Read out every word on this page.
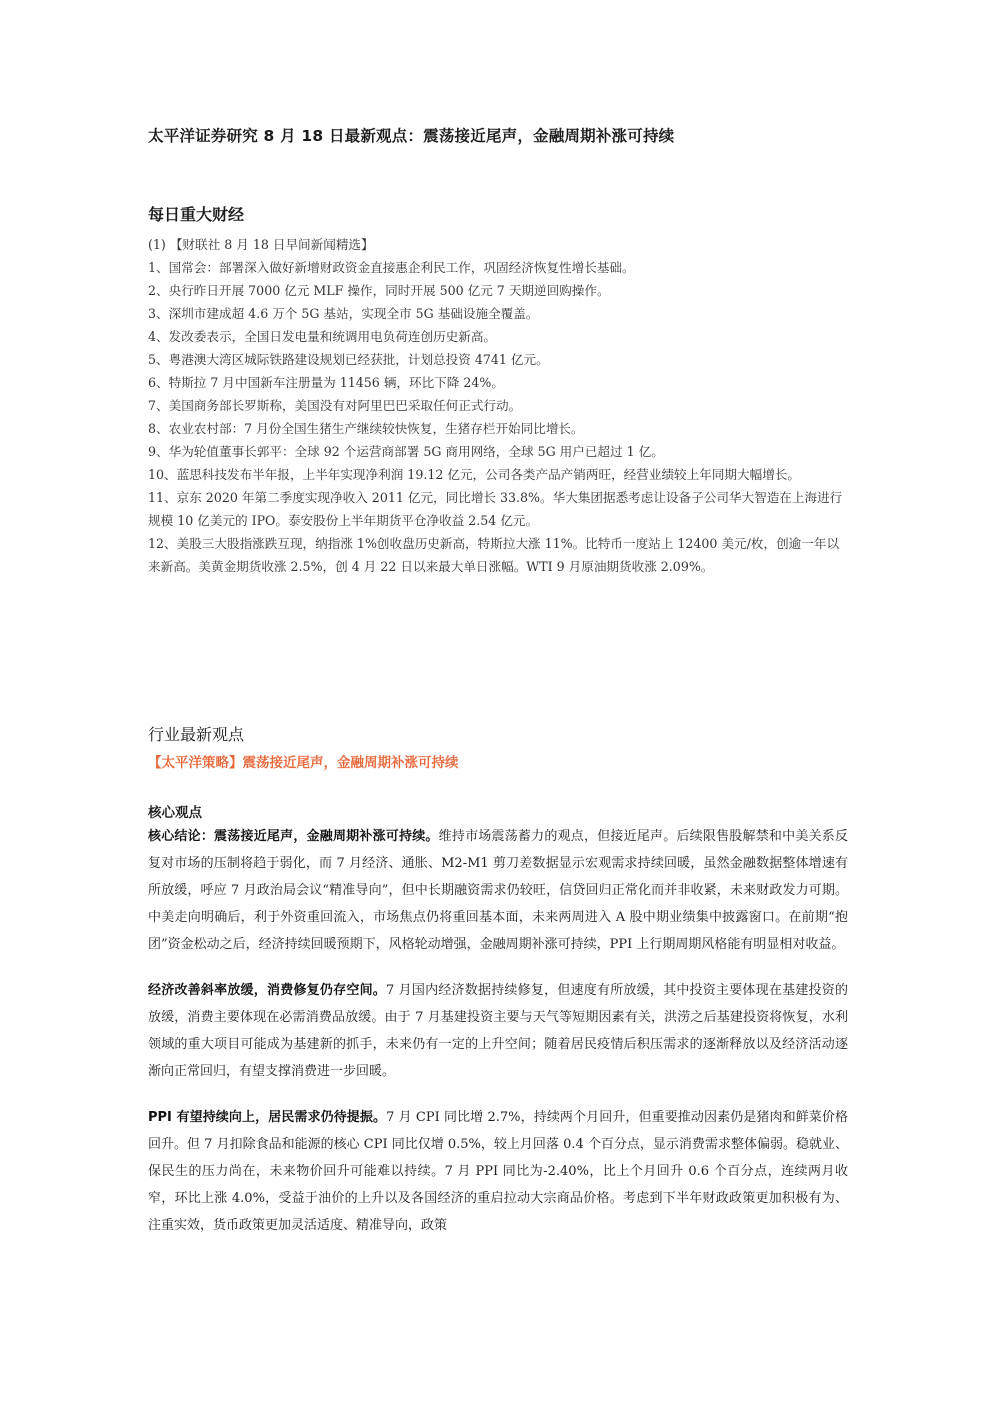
太平洋证券研究 8 月 18 日最新观点：震荡接近尾声，金融周期补涨可持续
每日重大财经
(1) 【财联社 8 月 18 日早间新闻精选】
1、国常会：部署深入做好新增财政资金直接惠企利民工作，巩固经济恢复性增长基础。
2、央行昨日开展 7000 亿元 MLF 操作，同时开展 500 亿元 7 天期逆回购操作。
3、深圳市建成超 4.6 万个 5G 基站，实现全市 5G 基础设施全覆盖。
4、发改委表示，全国日发电量和统调用电负荷连创历史新高。
5、粤港澳大湾区城际铁路建设规划已经获批，计划总投资 4741 亿元。
6、特斯拉 7 月中国新车注册量为 11456 辆，环比下降 24%。
7、美国商务部长罗斯称，美国没有对阿里巴巴采取任何正式行动。
8、农业农村部：7 月份全国生猪生产继续较快恢复，生猪存栏开始同比增长。
9、华为轮值董事长郭平：全球 92 个运营商部署 5G 商用网络，全球 5G 用户已超过 1 亿。
10、蓝思科技发布半年报，上半年实现净利润 19.12 亿元，公司各类产品产销两旺，经营业绩较上年同期大幅增长。
11、京东 2020 年第二季度实现净收入 2011 亿元，同比增长 33.8%。华大集团据悉考虑让设备子公司华大智造在上海进行规模 10 亿美元的 IPO。泰安股份上半年期货平仓净收益 2.54 亿元。
12、美股三大股指涨跌互现，纳指涨 1%创收盘历史新高，特斯拉大涨 11%。比特币一度站上 12400 美元/枚，创逾一年以来新高。美黄金期货收涨 2.5%，创 4 月 22 日以来最大单日涨幅。WTI 9 月原油期货收涨 2.09%。
行业最新观点
【太平洋策略】震荡接近尾声，金融周期补涨可持续
核心观点

核心结论：震荡接近尾声，金融周期补涨可持续。维持市场震荡蓄力的观点，但接近尾声。后续限售股解禁和中美关系反复对市场的压制将趋于弱化，而 7 月经济、通胀、M2-M1 剪刀差数据显示宏观需求持续回暖，虽然金融数据整体增速有所放缓，呼应 7 月政治局会议“精准导向”，但中长期融资需求仍较旺，信贷回归正常化而并非收紧，未来财政发力可期。中美走向明确后，利于外资重回流入，市场焦点仍将重回基本面，未来两周进入 A 股中期业绩集中披露窗口。在前期“抱团”资金松动之后，经济持续回暖预期下，风格轮动增强，金融周期补涨可持续，PPI 上行期周期风格能有明显相对收益。

经济改善斜率放缓，消费修复仍存空间。7 月国内经济数据持续修复，但速度有所放缓，其中投资主要体现在基建投资的放缓，消费主要体现在必需消费品放缓。由于 7 月基建投资主要与天气等短期因素有关，洪涝之后基建投资将恢复，水利领域的重大项目可能成为基建新的抓手，未来仍有一定的上升空间；随着居民疫情后积压需求的逐渐释放以及经济活动逐渐向正常回归，有望支撑消费进一步回暖。

PPI 有望持续向上，居民需求仍待提振。7 月 CPI 同比增 2.7%，持续两个月回升，但重要推动因素仍是猪肉和鲜菜价格回升。但 7 月扣除食品和能源的核心 CPI 同比仅增 0.5%，较上月回落 0.4 个百分点，显示消费需求整体偏弱。稳就业、保民生的压力尚在，未来物价回升可能难以持续。7 月 PPI 同比为-2.40%，比上个月回升 0.6 个百分点，连续两月收窄，环比上涨 4.0%，受益于油价的上升以及各国经济的重启拉动大宗商品价格。考虑到下半年财政政策更加积极有为、注重实效，货币政策更加灵活适度、精准导向，政策
